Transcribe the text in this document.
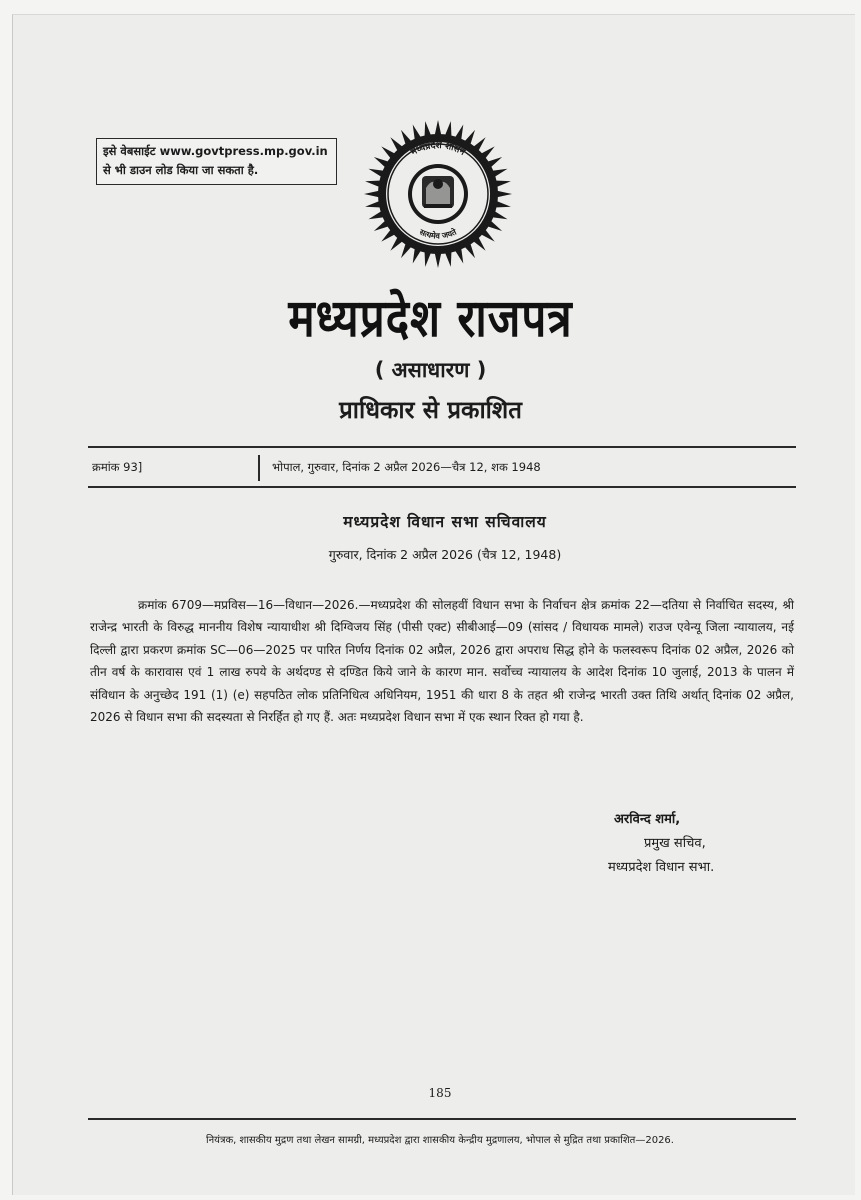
इसे वेबसाईट www.govtpress.mp.gov.in
से भी डाउन लोड किया जा सकता है.
मध्यप्रदेश शासन
सत्यमेव जयते
मध्यप्रदेश राजपत्र
( असाधारण )
प्राधिकार से प्रकाशित
क्रमांक 93]	भोपाल, गुरुवार, दिनांक 2 अप्रैल 2026—चैत्र 12, शक 1948
मध्यप्रदेश विधान सभा सचिवालय
गुरुवार, दिनांक 2 अप्रैल 2026 (चैत्र 12, 1948)

क्रमांक 6709—मप्रविस—16—विधान—2026.—मध्यप्रदेश की सोलहवीं विधान सभा के निर्वाचन क्षेत्र क्रमांक 22—दतिया से निर्वाचित सदस्य, श्री राजेन्द्र भारती के विरुद्ध माननीय विशेष न्यायाधीश श्री दिग्विजय सिंह (पीसी एक्ट) सीबीआई—09 (सांसद / विधायक मामले) राउज एवेन्यू जिला न्यायालय, नई दिल्ली द्वारा प्रकरण क्रमांक SC—06—2025 पर पारित निर्णय दिनांक 02 अप्रैल, 2026 द्वारा अपराध सिद्ध होने के फलस्वरूप दिनांक 02 अप्रैल, 2026 को तीन वर्ष के कारावास एवं 1 लाख रुपये के अर्थदण्ड से दण्डित किये जाने के कारण मान. सर्वोच्च न्यायालय के आदेश दिनांक 10 जुलाई, 2013 के पालन में संविधान के अनुच्छेद 191 (1) (e) सहपठित लोक प्रतिनिधित्व अधिनियम, 1951 की धारा 8 के तहत श्री राजेन्द्र भारती उक्त तिथि अर्थात् दिनांक 02 अप्रैल, 2026 से विधान सभा की सदस्यता से निरर्हित हो गए हैं. अतः मध्यप्रदेश विधान सभा में एक स्थान रिक्त हो गया है.

अरविन्द शर्मा,
प्रमुख सचिव,
मध्यप्रदेश विधान सभा.
185
नियंत्रक, शासकीय मुद्रण तथा लेखन सामग्री, मध्यप्रदेश द्वारा शासकीय केन्द्रीय मुद्रणालय, भोपाल से मुद्रित तथा प्रकाशित—2026.
